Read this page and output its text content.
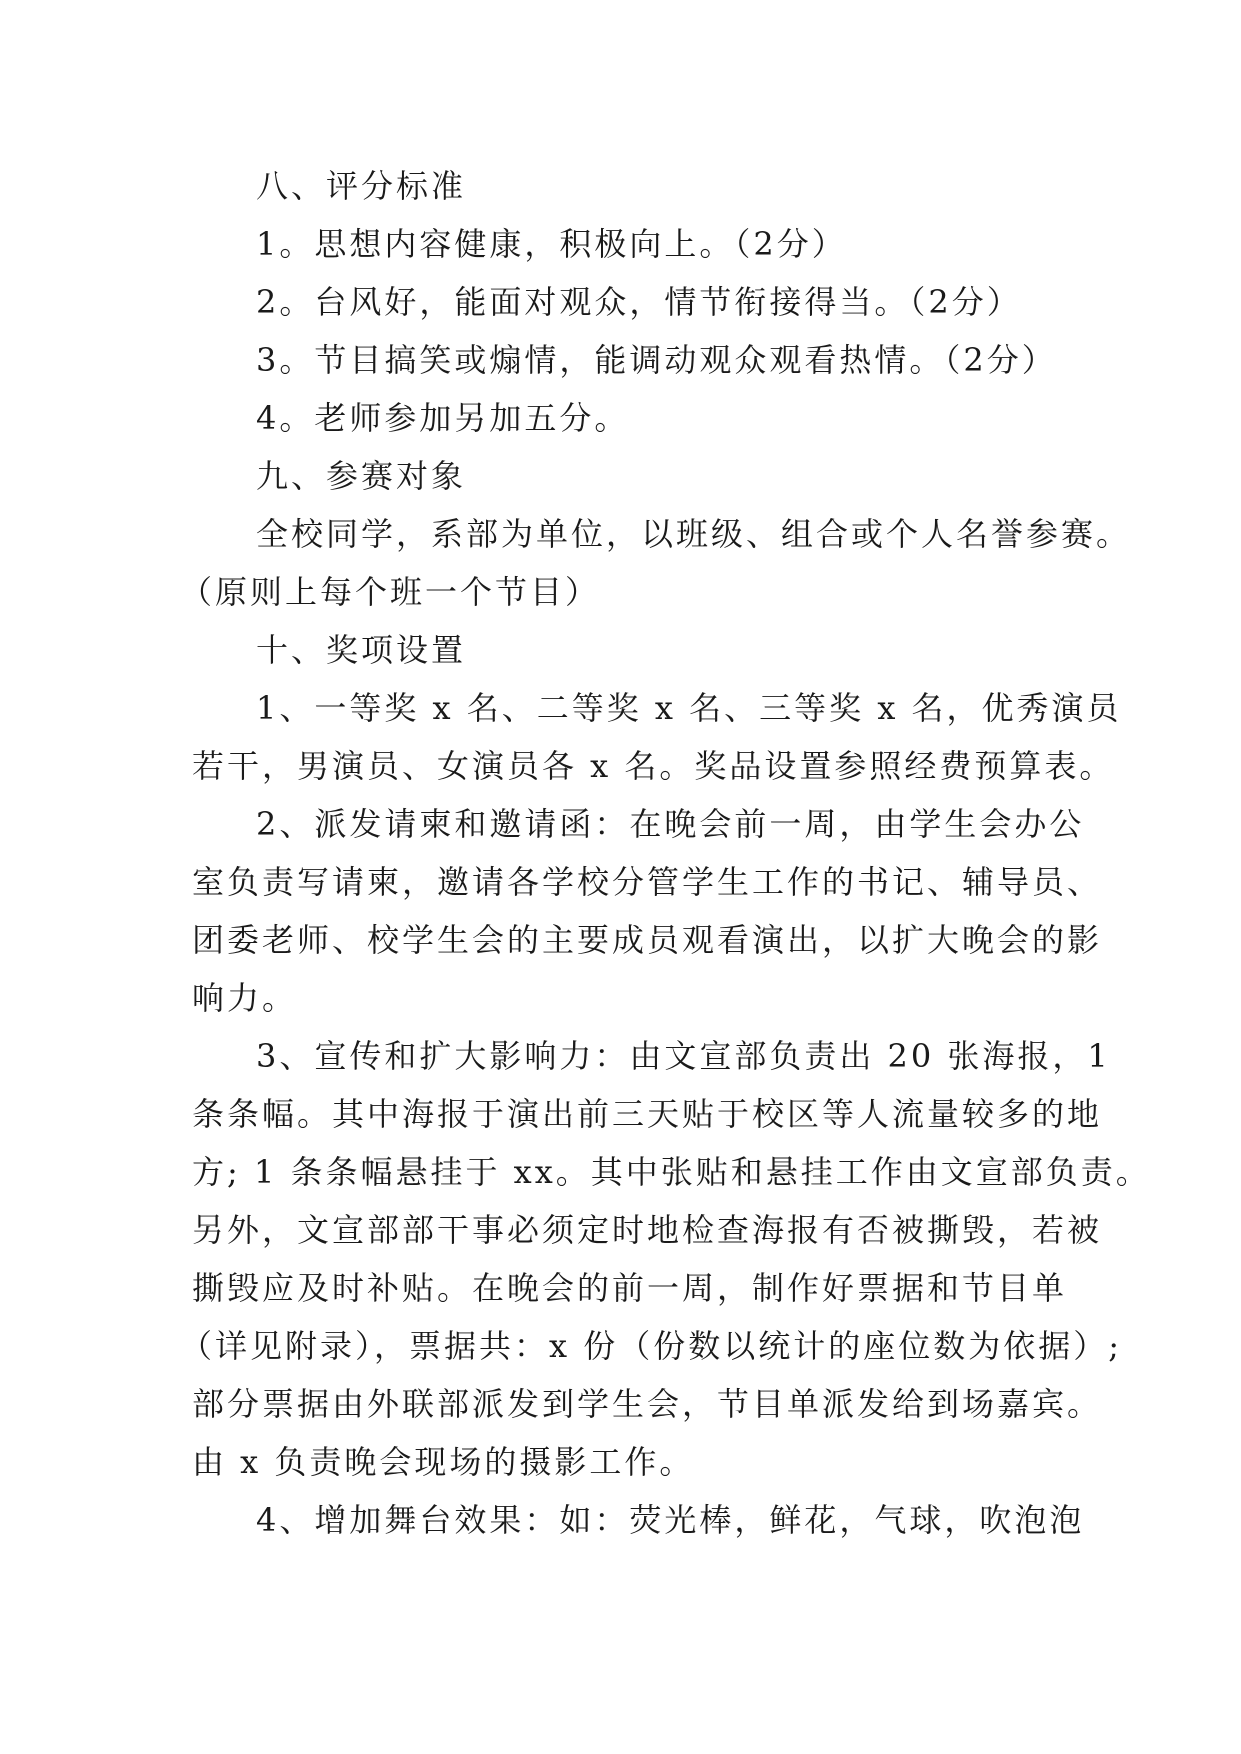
八、评分标准
1。思想内容健康，积极向上。（2分）
2。台风好，能面对观众，情节衔接得当。（2分）
3。节目搞笑或煽情，能调动观众观看热情。（2分）
4。老师参加另加五分。
九、参赛对象
全校同学，系部为单位，以班级、组合或个人名誉参赛。
（原则上每个班一个节目）
十、奖项设置
1、一等奖 x 名、二等奖 x 名、三等奖 x 名，优秀演员
若干，男演员、女演员各 x 名。奖品设置参照经费预算表。
2、派发请柬和邀请函：在晚会前一周，由学生会办公
室负责写请柬，邀请各学校分管学生工作的书记、辅导员、
团委老师、校学生会的主要成员观看演出，以扩大晚会的影
响力。
3、宣传和扩大影响力：由文宣部负责出 20 张海报，1
条条幅。其中海报于演出前三天贴于校区等人流量较多的地
方; 1 条条幅悬挂于 xx。其中张贴和悬挂工作由文宣部负责。
另外，文宣部部干事必须定时地检查海报有否被撕毁，若被
撕毁应及时补贴。在晚会的前一周，制作好票据和节目单
（详见附录），票据共：x 份（份数以统计的座位数为依据）;
部分票据由外联部派发到学生会，节目单派发给到场嘉宾。
由 x 负责晚会现场的摄影工作。
4、增加舞台效果：如：荧光棒，鲜花，气球，吹泡泡
